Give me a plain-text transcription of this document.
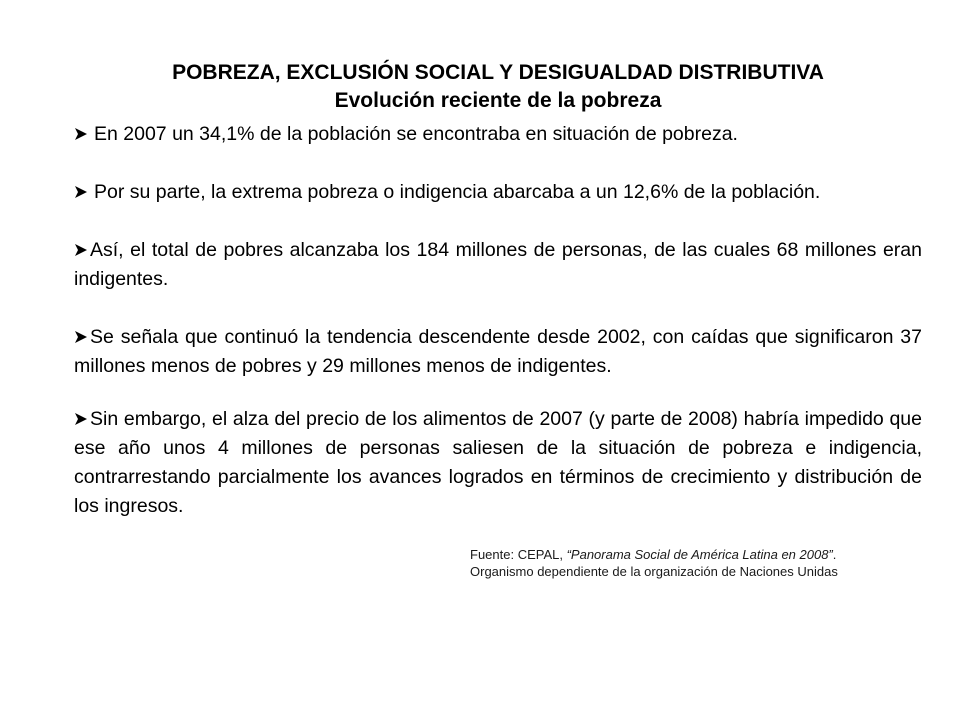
POBREZA, EXCLUSIÓN SOCIAL Y DESIGUALDAD DISTRIBUTIVA
Evolución reciente de la pobreza
En 2007 un 34,1% de la población se encontraba en situación de pobreza.
Por su parte, la extrema pobreza o indigencia abarcaba a un 12,6% de la población.
Así, el total de pobres alcanzaba los 184 millones de personas, de las cuales 68 millones eran indigentes.
Se señala que continuó la tendencia descendente desde 2002, con caídas que significaron 37 millones menos de pobres y 29 millones menos de indigentes.
Sin embargo, el alza del precio de los alimentos de 2007 (y parte de 2008) habría impedido que ese año unos 4 millones de personas saliesen de la situación de pobreza e indigencia, contrarrestando parcialmente los avances logrados en términos de crecimiento y distribución de los ingresos.
Fuente: CEPAL, “Panorama Social de América Latina en 2008”.
Organismo dependiente de la organización de Naciones Unidas
